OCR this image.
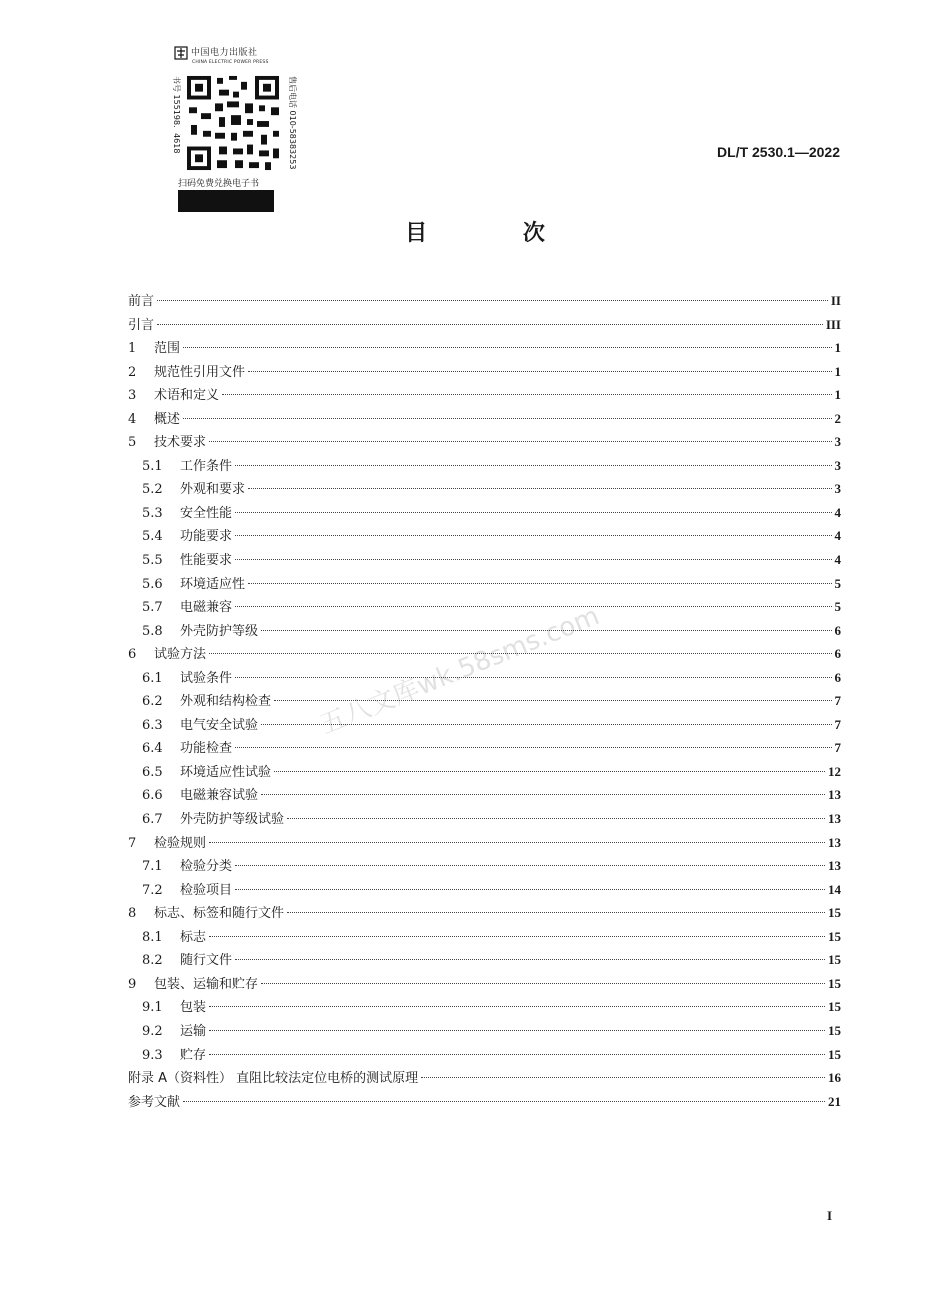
中国电力出版社
CHINA ELECTRIC POWER PRESS
书号 155198．4618	售后电话 010-58383253
扫码免费兑换电子书
DL/T 2530.1—2022
目 次
五八文库wk.58sms.com
前言	II
引言	III
1	范围	1
2	规范性引用文件	1
3	术语和定义	1
4	概述	2
5	技术要求	3
5.1	工作条件	3
5.2	外观和要求	3
5.3	安全性能	4
5.4	功能要求	4
5.5	性能要求	4
5.6	环境适应性	5
5.7	电磁兼容	5
5.8	外壳防护等级	6
6	试验方法	6
6.1	试验条件	6
6.2	外观和结构检查	7
6.3	电气安全试验	7
6.4	功能检查	7
6.5	环境适应性试验	12
6.6	电磁兼容试验	13
6.7	外壳防护等级试验	13
7	检验规则	13
7.1	检验分类	13
7.2	检验项目	14
8	标志、标签和随行文件	15
8.1	标志	15
8.2	随行文件	15
9	包装、运输和贮存	15
9.1	包装	15
9.2	运输	15
9.3	贮存	15
附录 A（资料性） 直阻比较法定位电桥的测试原理	16
参考文献	21
I
